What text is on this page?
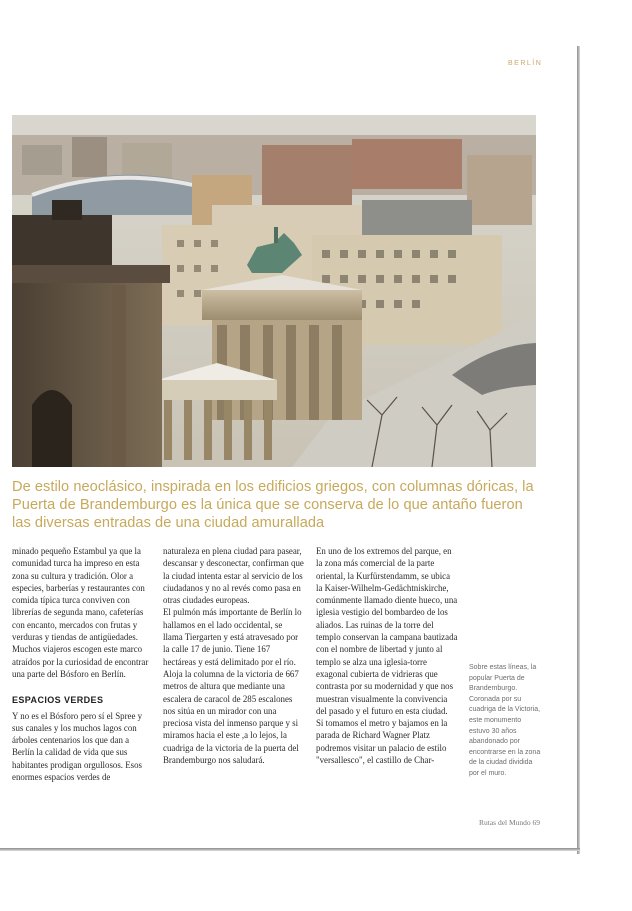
BERLÍN

De estilo neoclásico, inspirada en los edificios griegos, con columnas dóricas, la Puerta de Brandemburgo es la única que se conserva de lo que antaño fueron las diversas entradas de una ciudad amurallada

minado pequeño Estambul ya que la comunidad turca ha impreso en esta zona su cultura y tradición. Olor a especies, barberías y restaurantes con comida típica turca conviven con librerías de segunda mano, cafeterías con encanto, mercados con frutas y verduras y tiendas de antigüedades. Muchos viajeros escogen este marco atraídos por la curiosidad de encontrar una parte del Bósforo en Berlín.

ESPACIOS VERDES

Y no es el Bósforo pero sí el Spree y sus canales y los muchos lagos con árboles centenarios los que dan a Berlín la calidad de vida que sus habitantes prodigan orgullosos. Esos enormes espacios verdes de

naturaleza en plena ciudad para pasear, descansar y desconectar, confirman que la ciudad intenta estar al servicio de los ciudadanos y no al revés como pasa en otras ciudades europeas.

El pulmón más importante de Berlín lo hallamos en el lado occidental, se llama Tiergarten y está atravesado por la calle 17 de junio. Tiene 167 hectáreas y está delimitado por el río. Aloja la columna de la victoria de 667 metros de altura que mediante una escalera de caracol de 285 escalones nos sitúa en un mirador con una preciosa vista del inmenso parque y si miramos hacia el este ,a lo lejos, la cuadriga de la victoria de la puerta del Brandemburgo nos saludará.

En uno de los extremos del parque, en la zona más comercial de la parte oriental, la Kurfürstendamm, se ubica la Kaiser-Wilhelm-Gedächtniskirche, comúnmente llamado diente hueco, una iglesia vestigio del bombardeo de los aliados. Las ruinas de la torre del templo conservan la campana bautizada con el nombre de libertad y junto al templo se alza una iglesia-torre exagonal cubierta de vidrieras que contrasta por su modernidad y que nos muestran visualmente la convivencia del pasado y el futuro en esta ciudad.

Si tomamos el metro y bajamos en la parada de Richard Wagner Platz podremos visitar un palacio de estilo "versallesco", el castillo de Char-

Sobre estas líneas, la popular Puerta de Brandemburgo. Coronada por su cuadriga de la Victoria, este monumento estuvo 30 años abandonado por encontrarse en la zona de la ciudad dividida por el muro.

Rutas del Mundo 69
